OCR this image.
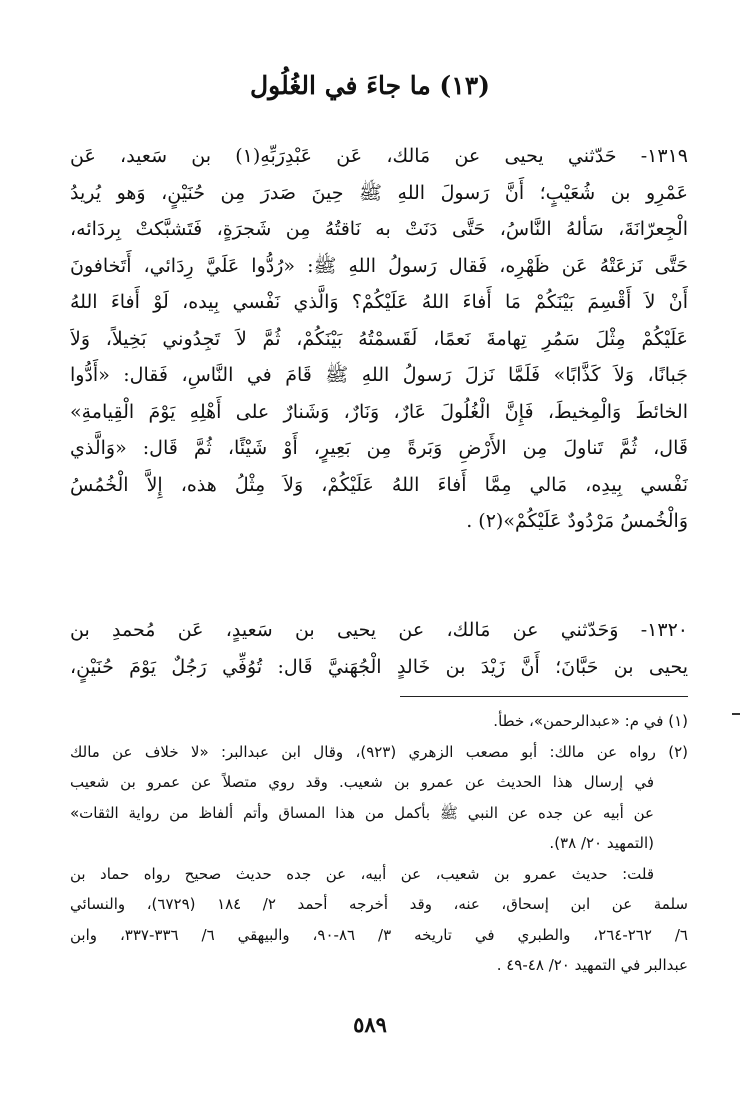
(١٣) ما جاءَ في الغُلُول
١٣١٩- حَدّثني يحيى عن مَالك، عَن عَبْدِرَبِّهِ(١) بن سَعيد، عَن
عَمْرِو بن شُعَيْبٍ؛ أَنَّ رَسولَ اللهِ ﷺ حِينَ صَدرَ مِن حُنَيْنٍ، وَهو يُريدُ
الْجِعرّانَةَ، سَألهُ النَّاسُ، حَتَّى دَنَتْ به نَاقتُهُ مِن شَجرَةٍ، فَتَشبَّكتْ بِردَائه،
حَتَّى نَزعَتْهُ عَن ظَهْرِه، فَقال رَسولُ اللهِ ﷺ: «رُدُّوا عَلَيَّ رِدَائي، أَتَخافونَ
أَنْ لاَ أَقْسِمَ بَيْنَكُمْ مَا أَفاءَ اللهُ عَلَيْكُمْ؟ وَالَّذي نَفْسي بِيده، لَوْ أَفاءَ اللهُ
عَلَيْكُمْ مِثْلَ سَمُرِ تِهامةَ نَعمًا، لَقَسمْتُهُ بَيْنَكُمْ، ثُمَّ لاَ تَجِدُوني بَخِيلاً، وَلاَ
جَبانًا، وَلاَ كَذَّابًا» فَلَمَّا نَزلَ رَسولُ اللهِ ﷺ قَامَ في النَّاسِ، فَقال: «أَدُّوا
الخائطَ وَالْمِخيطَ، فَإِنَّ الْغُلُولَ عَارٌ، وَنَارٌ، وَشَنارٌ على أَهْلِهِ يَوْمَ الْقِيامةِ»
قَال، ثُمَّ تَناولَ مِن الأَرْضِ وَبَرةً مِن بَعِيرٍ، أَوْ شَيْئًا، ثُمَّ قَال: «وَالَّذي
نَفْسي بِيدِه، مَالي مِمَّا أَفاءَ اللهُ عَلَيْكُمْ، وَلاَ مِثْلُ هذه، إِلاَّ الْخُمُسُ
وَالْخُمسُ مَرْدُودٌ عَلَيْكُمْ»(٢) .
١٣٢٠- وَحَدّثني عن مَالك، عن يحيى بن سَعيدٍ، عَن مُحمدِ بن
يحيى بن حَبَّانَ؛ أَنَّ زَيْدَ بن خَالدٍ الْجُهَنيَّ قَال: تُوُفِّي رَجُلٌ يَوْمَ حُنَيْنٍ،
(١) في م: «عبدالرحمن»، خطأ.
(٢) رواه عن مالك: أبو مصعب الزهري (٩٢٣)، وقال ابن عبدالبر: «لا خلاف عن مالك
في إرسال هذا الحديث عن عمرو بن شعيب. وقد روي متصلاً عن عمرو بن شعيب
عن أبيه عن جده عن النبي ﷺ بأكمل من هذا المساق وأتم ألفاظ من رواية الثقات»
(التمهيد ٢٠/ ٣٨).
قلت: حديث عمرو بن شعيب، عن أبيه، عن جده حديث صحيح رواه حماد بن
سلمة عن ابن إسحاق، عنه، وقد أخرجه أحمد ٢/ ١٨٤ (٦٧٢٩)، والنسائي
٦/ ٢٦٢-٢٦٤، والطبري في تاريخه ٣/ ٨٦-٩٠، والبيهقي ٦/ ٣٣٦-٣٣٧، وابن
عبدالبر في التمهيد ٢٠/ ٤٨-٤٩ .
٥٨٩
